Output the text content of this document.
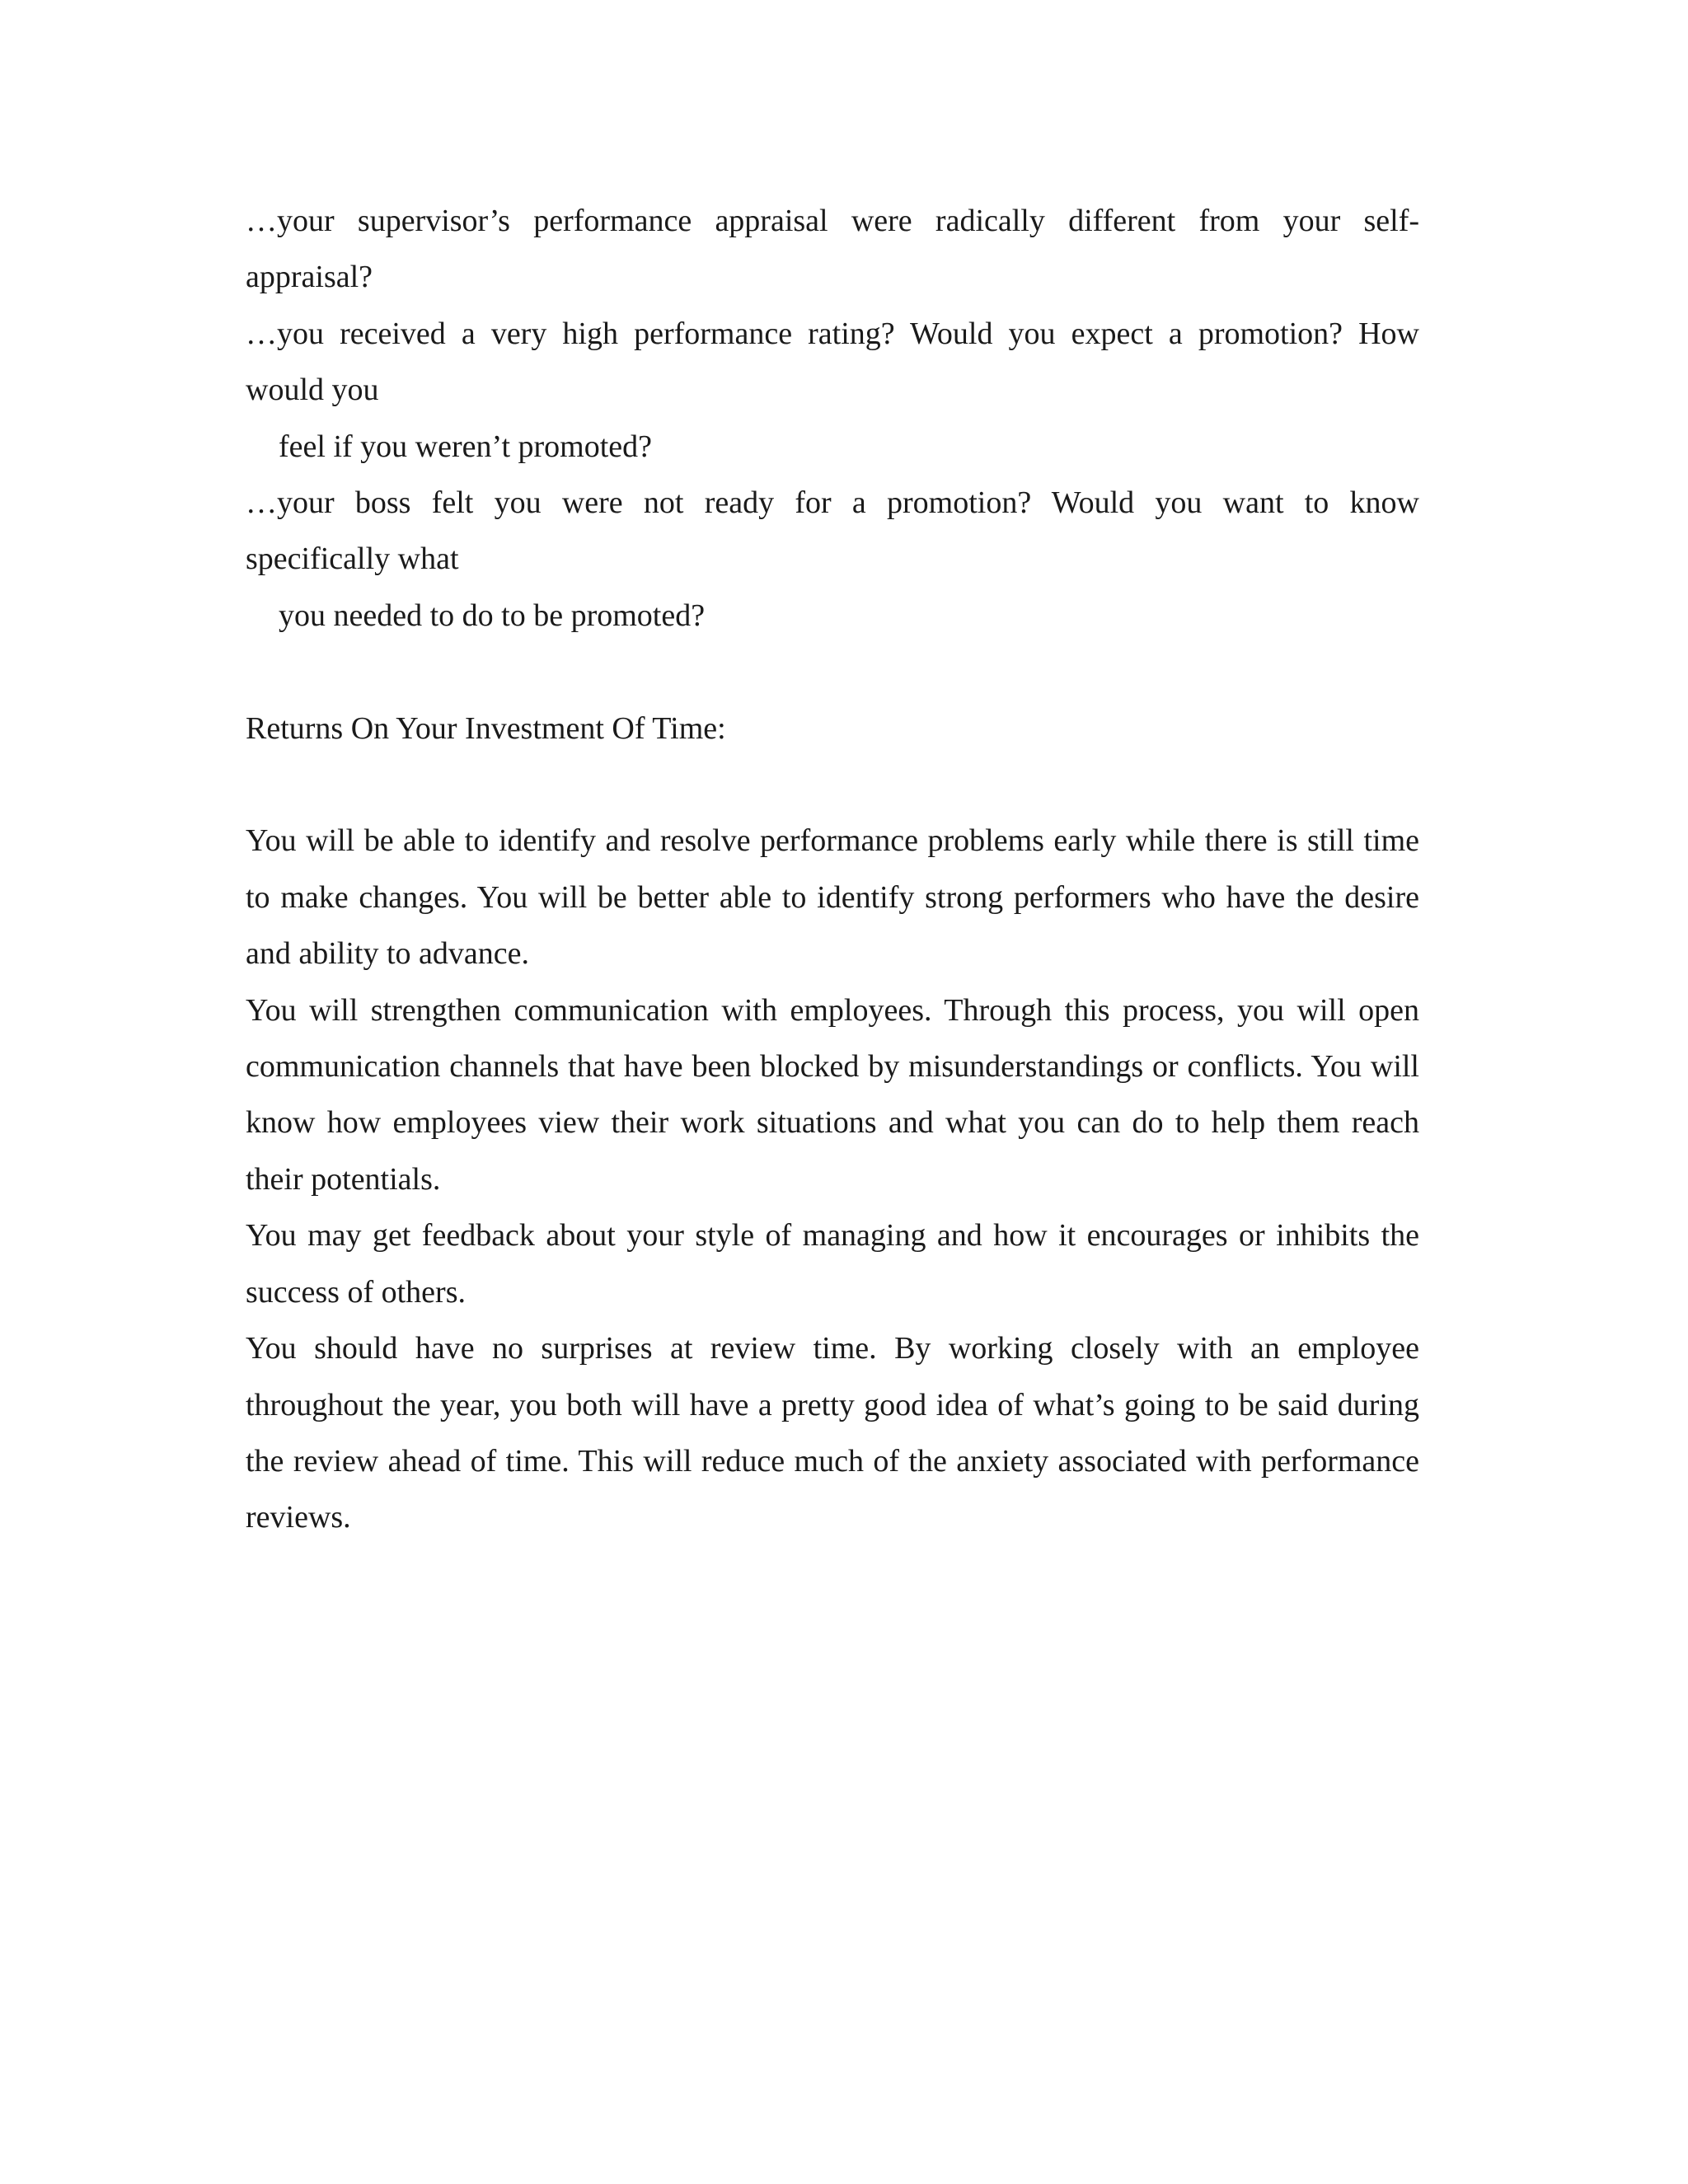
…your supervisor’s performance appraisal were radically different from your self-
appraisal?
…you received a very high performance rating? Would you expect a promotion? How
would you
feel if you weren’t promoted?
…your boss felt you were not ready for a promotion? Would you want to know
specifically what
you needed to do to be promoted?

Returns On Your Investment Of Time:

You will be able to identify and resolve performance problems early while there is still time to make changes. You will be better able to identify strong performers who have the desire and ability to advance.

You will strengthen communication with employees. Through this process, you will open communication channels that have been blocked by misunderstandings or conflicts. You will know how employees view their work situations and what you can do to help them reach their potentials.

You may get feedback about your style of managing and how it encourages or inhibits the success of others.

You should have no surprises at review time. By working closely with an employee throughout the year, you both will have a pretty good idea of what’s going to be said during the review ahead of time. This will reduce much of the anxiety associated with performance reviews.
